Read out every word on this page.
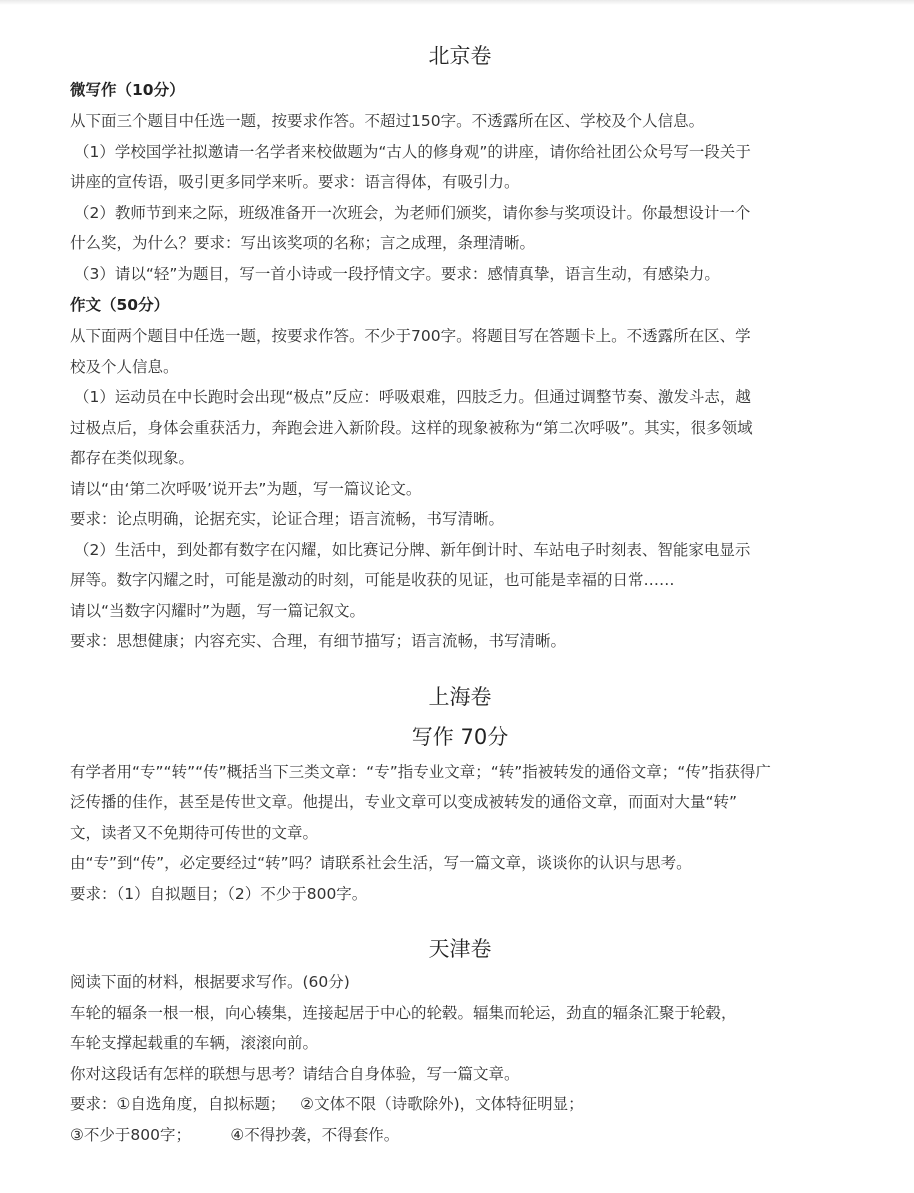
北京卷
微写作（10分）

从下面三个题目中任选一题，按要求作答。不超过150字。不透露所在区、学校及个人信息。

（1）学校国学社拟邀请一名学者来校做题为“古人的修身观”的讲座，请你给社团公众号写一段关于

讲座的宣传语，吸引更多同学来听。要求：语言得体，有吸引力。

（2）教师节到来之际，班级准备开一次班会，为老师们颁奖，请你参与奖项设计。你最想设计一个

什么奖，为什么？要求：写出该奖项的名称；言之成理，条理清晰。

（3）请以“轻”为题目，写一首小诗或一段抒情文字。要求：感情真挚，语言生动，有感染力。

作文（50分）

从下面两个题目中任选一题，按要求作答。不少于700字。将题目写在答题卡上。不透露所在区、学

校及个人信息。

（1）运动员在中长跑时会出现“极点”反应：呼吸艰难，四肢乏力。但通过调整节奏、激发斗志，越

过极点后，身体会重获活力，奔跑会进入新阶段。这样的现象被称为“第二次呼吸”。其实，很多领域

都存在类似现象。

请以“由‘第二次呼吸’说开去”为题，写一篇议论文。

要求：论点明确，论据充实，论证合理；语言流畅，书写清晰。

（2）生活中，到处都有数字在闪耀，如比赛记分牌、新年倒计时、车站电子时刻表、智能家电显示

屏等。数字闪耀之时，可能是激动的时刻，可能是收获的见证，也可能是幸福的日常……

请以“当数字闪耀时”为题，写一篇记叙文。

要求：思想健康；内容充实、合理，有细节描写；语言流畅，书写清晰。

上海卷
写作 70分

有学者用“专”“转”“传”概括当下三类文章：“专”指专业文章；“转”指被转发的通俗文章；“传”指获得广

泛传播的佳作，甚至是传世文章。他提出，专业文章可以变成被转发的通俗文章，而面对大量“转”

文，读者又不免期待可传世的文章。

由“专”到“传”，必定要经过“转”吗？请联系社会生活，写一篇文章，谈谈你的认识与思考。

要求：（1）自拟题目；（2）不少于800字。

天津卷

阅读下面的材料，根据要求写作。(60分)

车轮的辐条一根一根，向心辏集，连接起居于中心的轮毂。辐集而轮运，劲直的辐条汇聚于轮毂，

车轮支撑起载重的车辆，滚滚向前。

你对这段话有怎样的联想与思考？请结合自身体验，写一篇文章。

要求：①自选角度，自拟标题；   ②文体不限（诗歌除外)，文体特征明显；

③不少于800字；        ④不得抄袭，不得套作。
